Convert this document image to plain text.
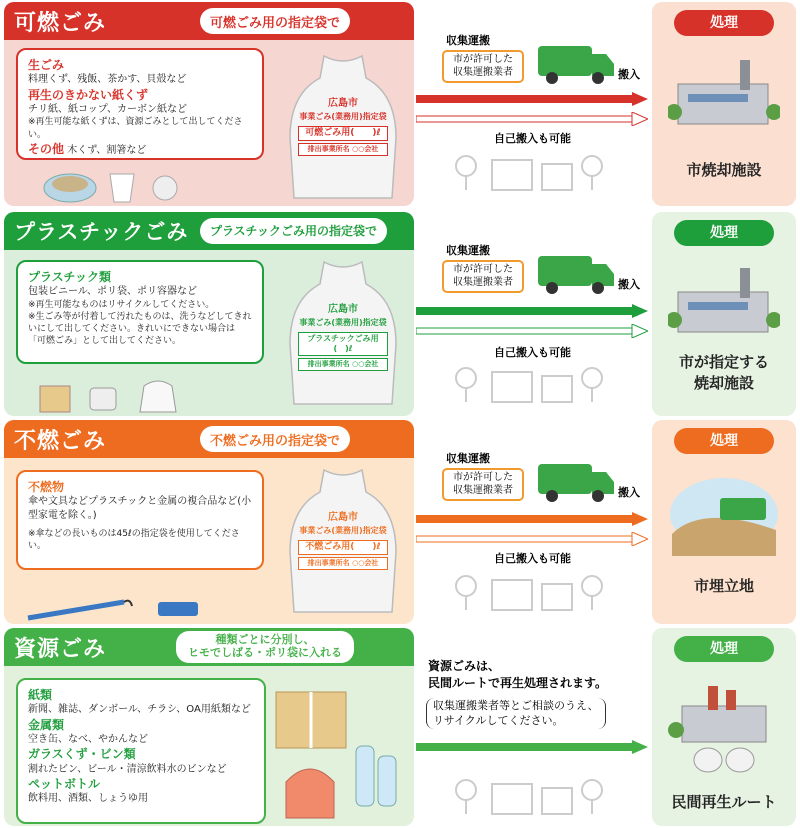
可燃ごみ	可燃ごみ用の指定袋で
生ごみ
料理くず、残飯、茶かす、貝殻など
再生のきかない紙くず
チリ紙、紙コップ、カーボン紙など

※再生可能な紙くずは、資源ごみとして出してください。
その他 木くず、割箸など
広島市
事業ごみ(業務用)指定袋
可燃ごみ用(　　)ℓ
排出事業所名 ○○会社
収集運搬
市が許可した
収集運搬業者	搬入
自己搬入も可能
処理
市焼却施設
プラスチックごみ	プラスチックごみ用の指定袋で
プラスチック類
包装ビニール、ポリ袋、ポリ容器など
※再生可能なものはリサイクルしてください。
※生ごみ等が付着して汚れたものは、洗うなどしてきれいにして出してください。きれいにできない場合は「可燃ごみ」として出してください。
広島市
事業ごみ(業務用)指定袋
プラスチックごみ用(　)ℓ
排出事業所名 ○○会社
収集運搬
市が許可した
収集運搬業者	搬入
自己搬入も可能
処理
市が指定する
焼却施設
不燃ごみ	不燃ごみ用の指定袋で
不燃物
傘や文具などプラスチックと金属の複合品など(小型家電を除く。)
※傘などの長いものは45ℓの指定袋を使用してください。
広島市
事業ごみ(業務用)指定袋
不燃ごみ用(　　)ℓ
排出事業所名 ○○会社
収集運搬
市が許可した
収集運搬業者	搬入
自己搬入も可能
処理
市埋立地
資源ごみ	種類ごとに分別し、
ヒモでしばる・ポリ袋に入れる
紙類
新聞、雑誌、ダンボール、チラシ、OA用紙類など
金属類
空き缶、なべ、やかんなど
ガラスくず・ビン類
割れたビン、ビール・清涼飲料水のビンなど
ペットボトル
飲料用、酒類、しょうゆ用
資源ごみは、
民間ルートで再生処理されます。
収集運搬業者等とご相談のうえ、
リサイクルしてください。
処理
民間再生ルート
